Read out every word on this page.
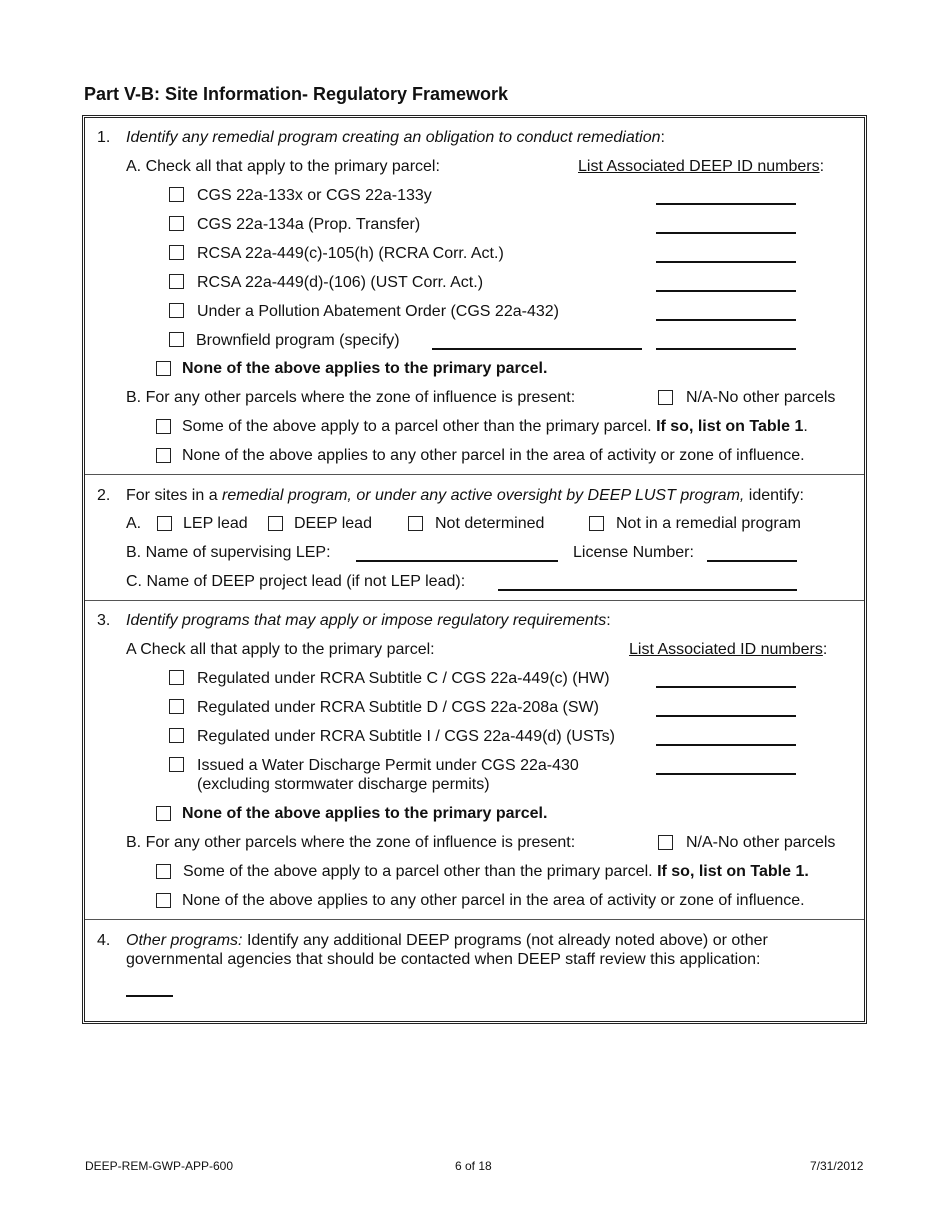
Part V-B: Site Information- Regulatory Framework
1. Identify any remedial program creating an obligation to conduct remediation:
A. Check all that apply to the primary parcel:	List Associated DEEP ID numbers:
CGS 22a-133x or CGS 22a-133y
CGS 22a-134a (Prop. Transfer)
RCSA 22a-449(c)-105(h) (RCRA Corr. Act.)
RCSA 22a-449(d)-(106) (UST Corr. Act.)
Under a Pollution Abatement Order (CGS 22a-432)
Brownfield program (specify)
None of the above applies to the primary parcel.
B. For any other parcels where the zone of influence is present:	N/A-No other parcels
Some of the above apply to a parcel other than the primary parcel. If so, list on Table 1.
None of the above applies to any other parcel in the area of activity or zone of influence.
2. For sites in a remedial program, or under any active oversight by DEEP LUST program, identify:
A.	LEP lead	DEEP lead	Not determined	Not in a remedial program
B. Name of supervising LEP:	License Number:
C. Name of DEEP project lead (if not LEP lead):
3. Identify programs that may apply or impose regulatory requirements:
A Check all that apply to the primary parcel:	List Associated ID numbers:
Regulated under RCRA Subtitle C / CGS 22a-449(c) (HW)
Regulated under RCRA Subtitle D / CGS 22a-208a (SW)
Regulated under RCRA Subtitle I / CGS 22a-449(d) (USTs)
Issued a Water Discharge Permit under CGS 22a-430
(excluding stormwater discharge permits)
None of the above applies to the primary parcel.
B. For any other parcels where the zone of influence is present:	N/A-No other parcels
Some of the above apply to a parcel other than the primary parcel. If so, list on Table 1.
None of the above applies to any other parcel in the area of activity or zone of influence.
4. Other programs: Identify any additional DEEP programs (not already noted above) or other
governmental agencies that should be contacted when DEEP staff review this application:
DEEP-REM-GWP-APP-600	6 of 18	7/31/2012
